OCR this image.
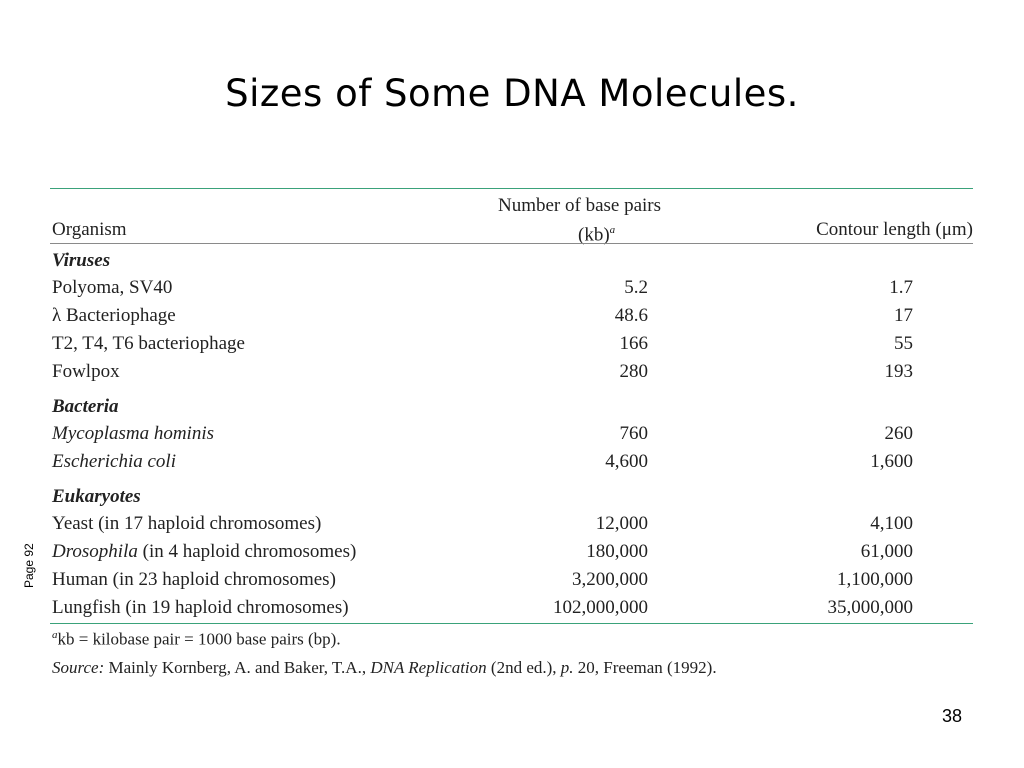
Sizes of Some DNA Molecules.
Number of base pairs
Organism	(kb)$^a$	Contour length (μm)
Viruses
Polyoma, SV40	5.2	1.7
λ Bacteriophage	48.6	17
T2, T4, T6 bacteriophage	166	55
Fowlpox	280	193
Bacteria
Mycoplasma hominis	760	260
Escherichia coli	4,600	1,600
Eukaryotes
Yeast (in 17 haploid chromosomes)	12,000	4,100
Drosophila (in 4 haploid chromosomes)	180,000	61,000
Human (in 23 haploid chromosomes)	3,200,000	1,100,000
Lungfish (in 19 haploid chromosomes)	102,000,000	35,000,000
$^a$kb = kilobase pair = 1000 base pairs (bp).
Source: Mainly Kornberg, A. and Baker, T.A., DNA Replication (2nd ed.), p. 20, Freeman (1992).
Page 92
38
